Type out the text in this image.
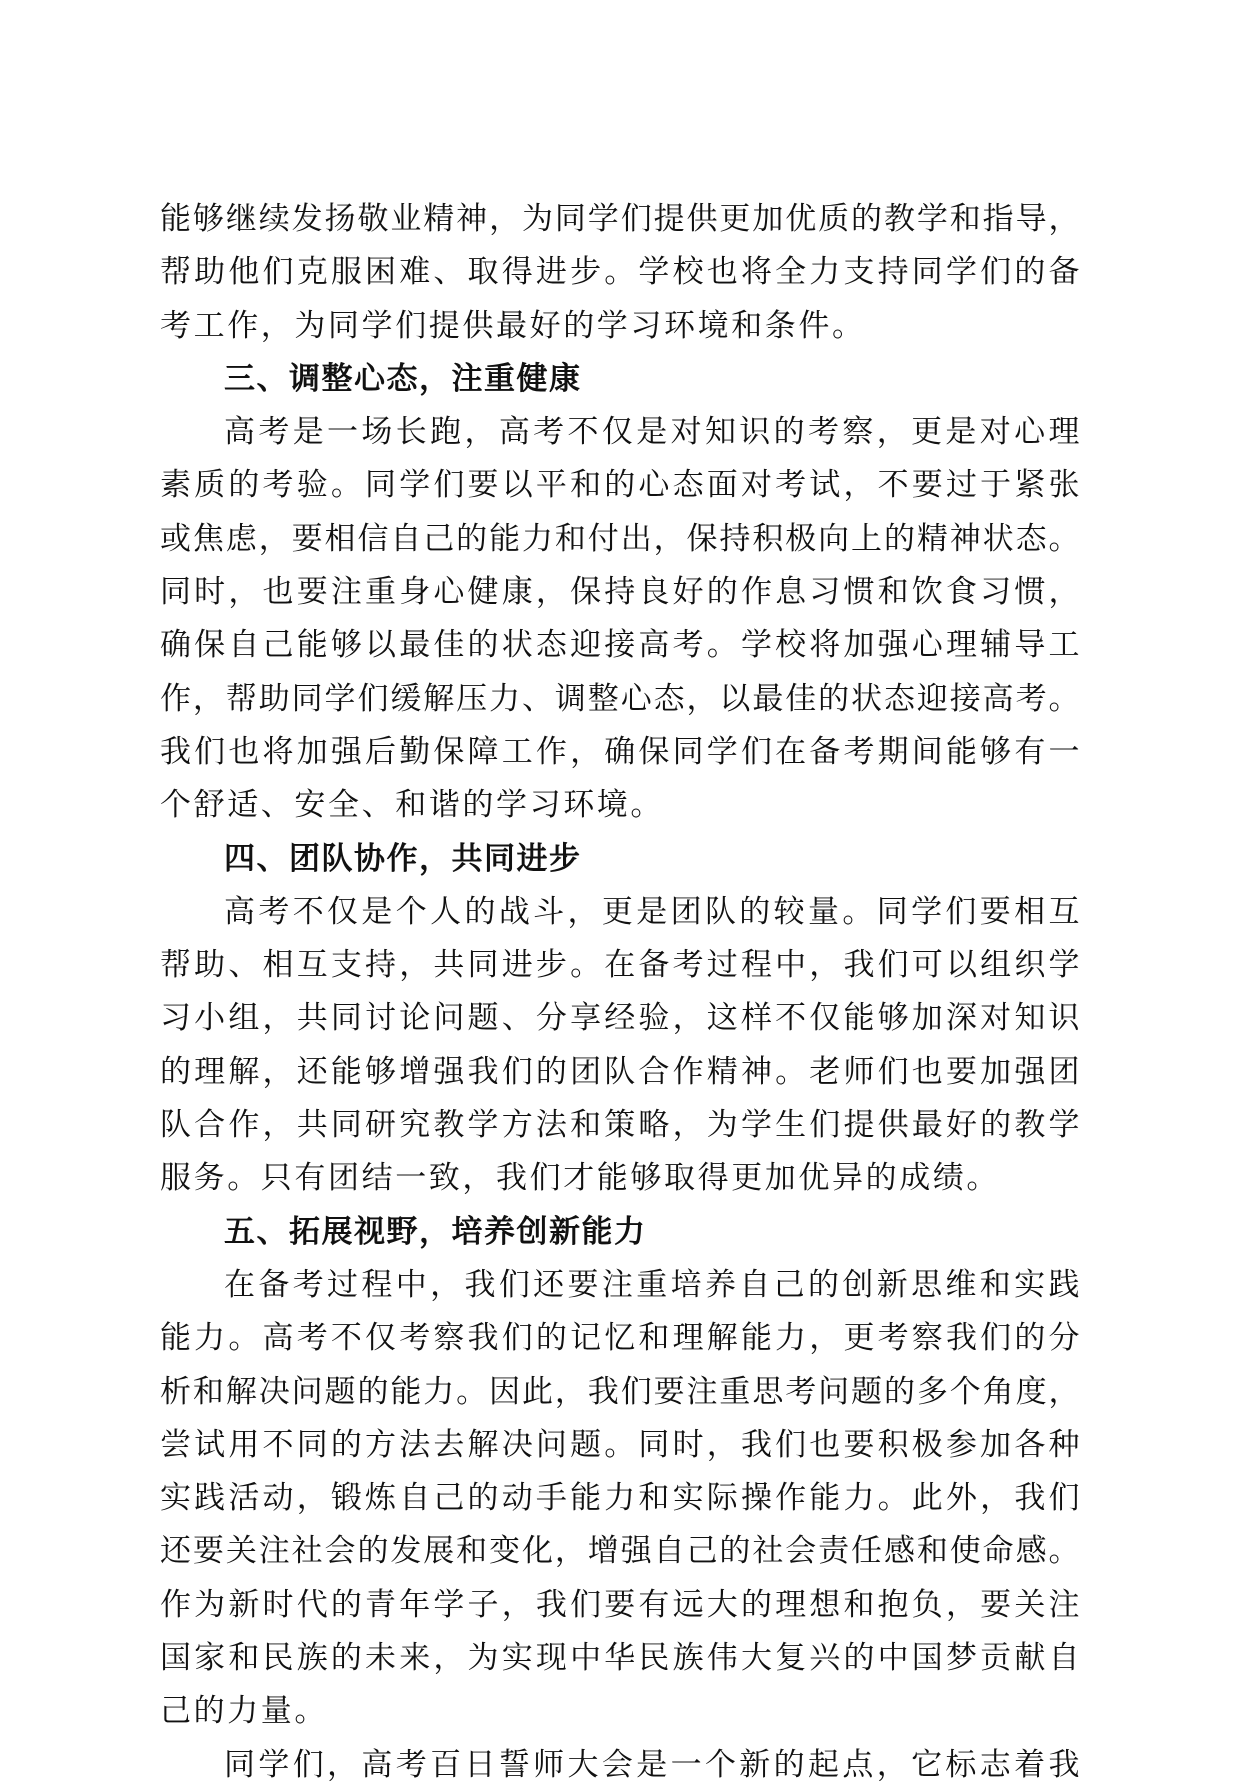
能够继续发扬敬业精神，为同学们提供更加优质的教学和指导，
帮助他们克服困难、取得进步。学校也将全力支持同学们的备
考工作，为同学们提供最好的学习环境和条件。
三、调整心态，注重健康
高考是一场长跑，高考不仅是对知识的考察，更是对心理
素质的考验。同学们要以平和的心态面对考试，不要过于紧张
或焦虑，要相信自己的能力和付出，保持积极向上的精神状态。
同时，也要注重身心健康，保持良好的作息习惯和饮食习惯，
确保自己能够以最佳的状态迎接高考。学校将加强心理辅导工
作，帮助同学们缓解压力、调整心态，以最佳的状态迎接高考。
我们也将加强后勤保障工作，确保同学们在备考期间能够有一
个舒适、安全、和谐的学习环境。
四、团队协作，共同进步
高考不仅是个人的战斗，更是团队的较量。同学们要相互
帮助、相互支持，共同进步。在备考过程中，我们可以组织学
习小组，共同讨论问题、分享经验，这样不仅能够加深对知识
的理解，还能够增强我们的团队合作精神。老师们也要加强团
队合作，共同研究教学方法和策略，为学生们提供最好的教学
服务。只有团结一致，我们才能够取得更加优异的成绩。
五、拓展视野，培养创新能力
在备考过程中，我们还要注重培养自己的创新思维和实践
能力。高考不仅考察我们的记忆和理解能力，更考察我们的分
析和解决问题的能力。因此，我们要注重思考问题的多个角度，
尝试用不同的方法去解决问题。同时，我们也要积极参加各种
实践活动，锻炼自己的动手能力和实际操作能力。此外，我们
还要关注社会的发展和变化，增强自己的社会责任感和使命感。
作为新时代的青年学子，我们要有远大的理想和抱负，要关注
国家和民族的未来，为实现中华民族伟大复兴的中国梦贡献自
己的力量。
同学们，高考百日誓师大会是一个新的起点，它标志着我
